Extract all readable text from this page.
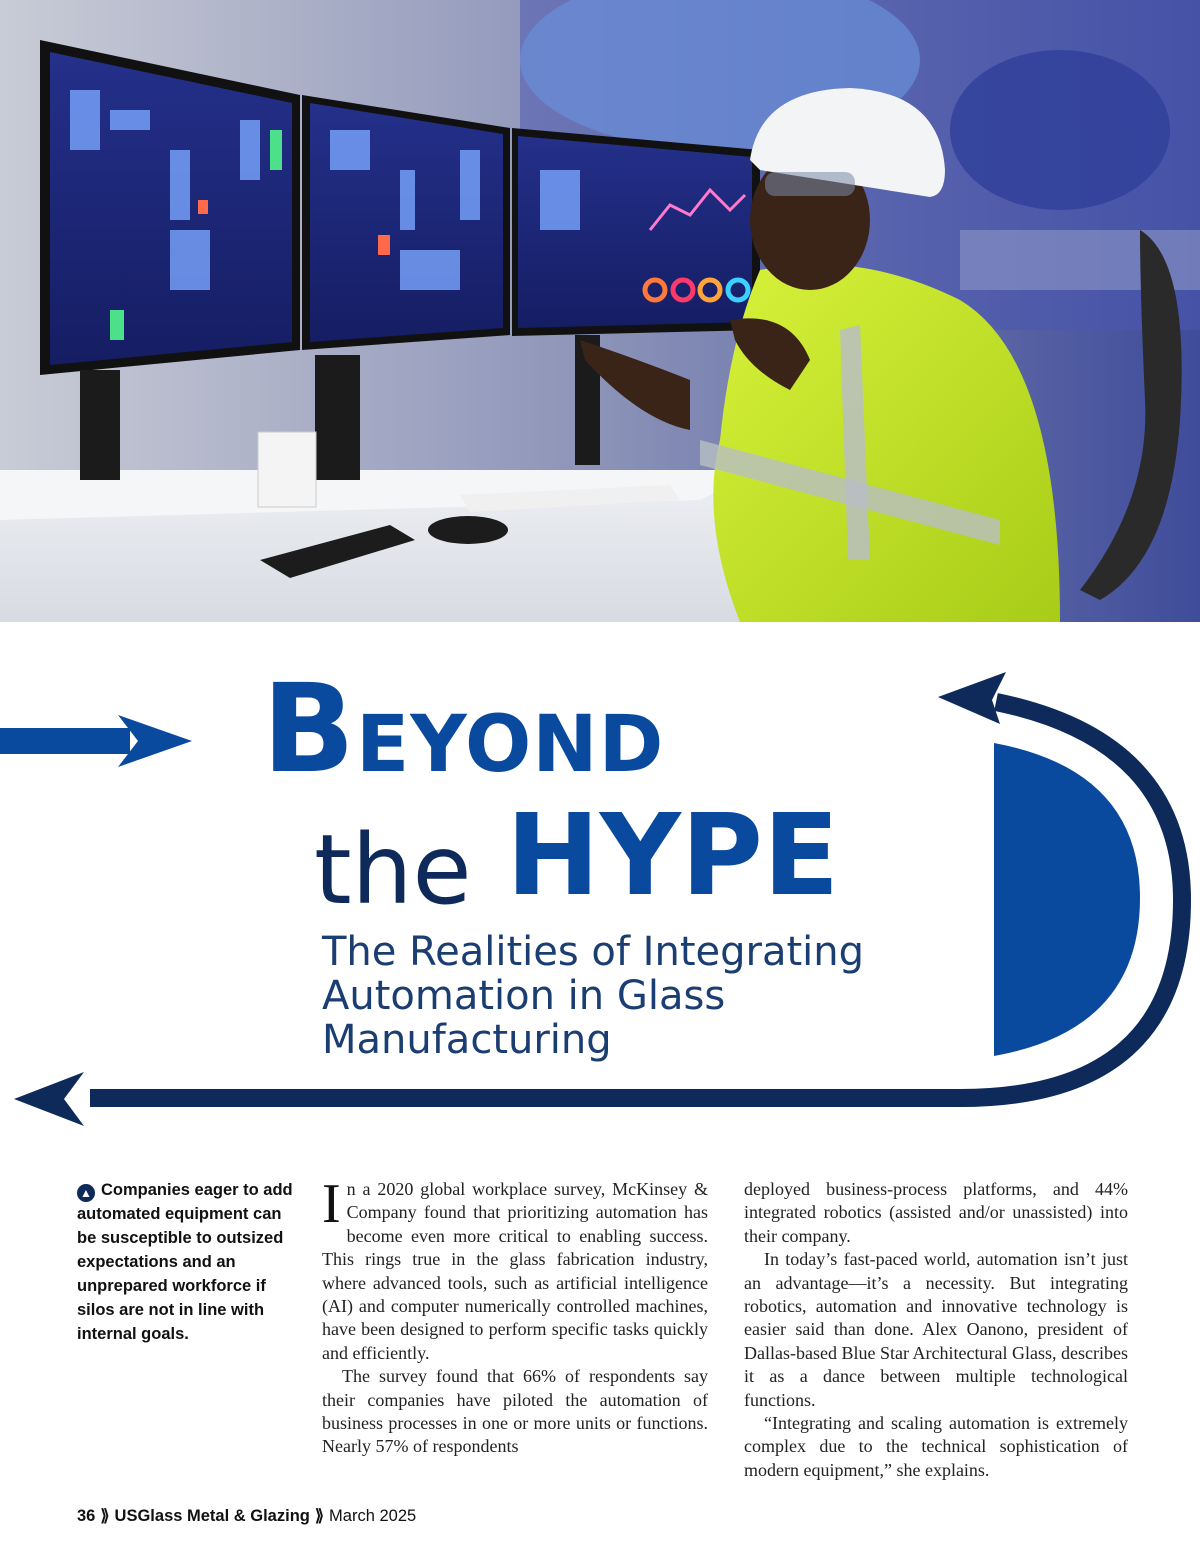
BEYOND
the HYPE
The Realities of Integrating Automation in Glass Manufacturing
▲ Companies eager to add automated equipment can be susceptible to outsized expectations and an unprepared workforce if silos are not in line with internal goals.

In a 2020 global workplace survey, McKinsey & Company found that prioritizing automation has become even more critical to enabling success. This rings true in the glass fabrication industry, where advanced tools, such as artificial intelligence (AI) and computer numerically controlled machines, have been designed to perform specific tasks quickly and efficiently.

The survey found that 66% of respondents say their companies have piloted the automation of business processes in one or more units or functions. Nearly 57% of respondents

deployed business-process platforms, and 44% integrated robotics (assisted and/or unassisted) into their company.

In today’s fast-paced world, automation isn’t just an advantage—it’s a necessity. But integrating robotics, automation and innovative technology is easier said than done. Alex Oanono, president of Dallas-based Blue Star Architectural Glass, describes it as a dance between multiple technological functions.

“Integrating and scaling automation is extremely complex due to the technical sophistication of modern equipment,” she explains.

36 ⟫ USGlass Metal & Glazing ⟫ March 2025
